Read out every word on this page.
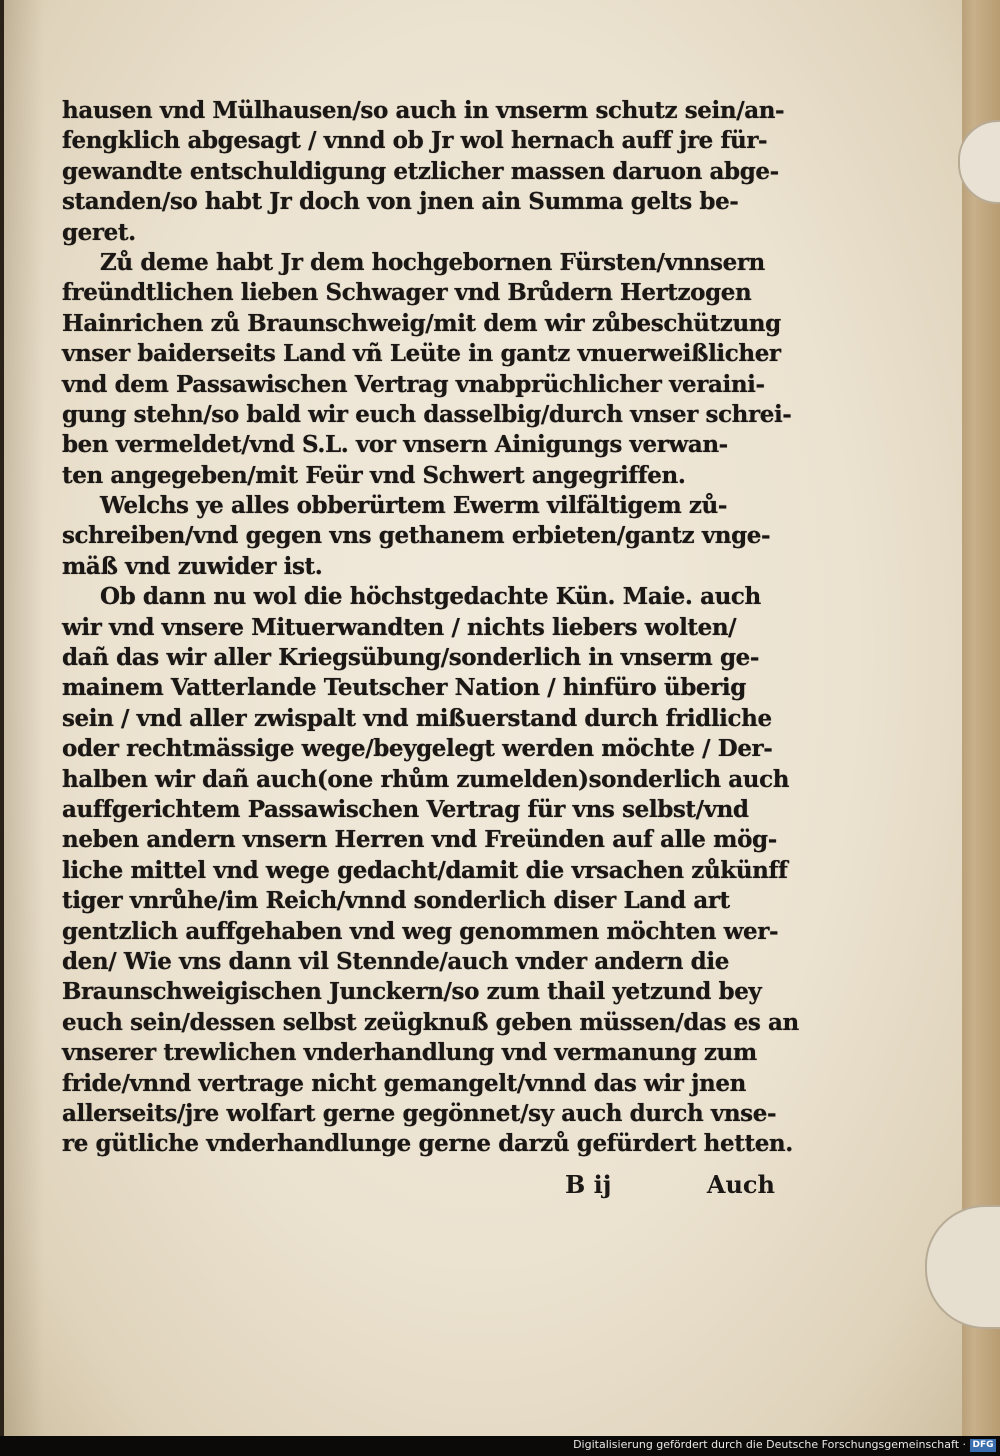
hausen vnd Mülhausen/so auch in vnserm schutz sein/an-
fengklich abgesagt / vnnd ob Jr wol hernach auff jre für-
gewandte entschuldigung etzlicher massen daruon abge-
standen/so habt Jr doch von jnen ain Summa gelts be-
geret.
Zů deme habt Jr dem hochgebornen Fürsten/vnnsern
freündtlichen lieben Schwager vnd Brůdern Hertzogen
Hainrichen zů Braunschweig/mit dem wir zůbeschützung
vnser baiderseits Land vñ Leüte in gantz vnuerweißlicher
vnd dem Passawischen Vertrag vnabprüchlicher veraini-
gung stehn/so bald wir euch dasselbig/durch vnser schrei-
ben vermeldet/vnd S.L. vor vnsern Ainigungs verwan-
ten angegeben/mit Feür vnd Schwert angegriffen.
Welchs ye alles obberürtem Ewerm vilfältigem zů-
schreiben/vnd gegen vns gethanem erbieten/gantz vnge-
mäß vnd zuwider ist.
Ob dann nu wol die höchstgedachte Kün. Maie. auch
wir vnd vnsere Mituerwandten / nichts liebers wolten/
dañ das wir aller Kriegsübung/sonderlich in vnserm ge-
mainem Vatterlande Teutscher Nation / hinfüro überig
sein / vnd aller zwispalt vnd mißuerstand durch fridliche
oder rechtmässige wege/beygelegt werden möchte / Der-
halben wir dañ auch(one rhům zumelden)sonderlich auch
auffgerichtem Passawischen Vertrag für vns selbst/vnd
neben andern vnsern Herren vnd Freünden auf alle mög-
liche mittel vnd wege gedacht/damit die vrsachen zůkünff
tiger vnrůhe/im Reich/vnnd sonderlich diser Land art
gentzlich auffgehaben vnd weg genommen möchten wer-
den/ Wie vns dann vil Stennde/auch vnder andern die
Braunschweigischen Junckern/so zum thail yetzund bey
euch sein/dessen selbst zeügknuß geben müssen/das es an
vnserer trewlichen vnderhandlung vnd vermanung zum
fride/vnnd vertrage nicht gemangelt/vnnd das wir jnen
allerseits/jre wolfart gerne gegönnet/sy auch durch vnse-
re gütliche vnderhandlunge gerne darzů gefürdert hetten.
B ij	Auch
Digitalisierung gefördert durch die Deutsche Forschungsgemeinschaft · DFG
